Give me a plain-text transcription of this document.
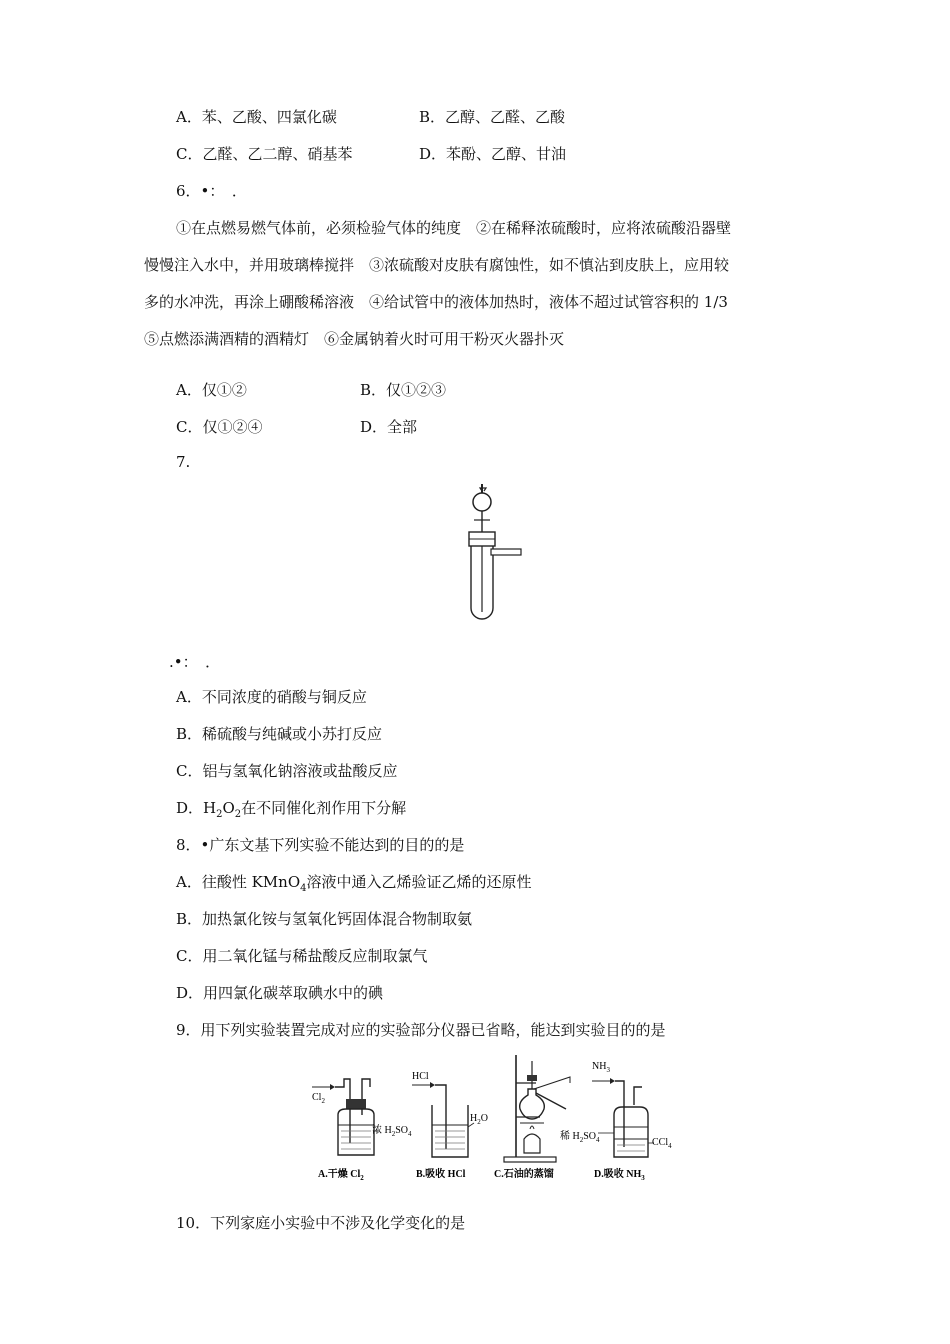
A．苯、乙酸、四氯化碳	B．乙醇、乙醛、乙酸
C．乙醛、乙二醇、硝基苯	D．苯酚、乙醇、甘油
6．•：　．
①在点燃易燃气体前，必须检验气体的纯度　②在稀释浓硫酸时，应将浓硫酸沿器壁
慢慢注入水中，并用玻璃棒搅拌　③浓硫酸对皮肤有腐蚀性，如不慎沾到皮肤上，应用较
多的水冲洗，再涂上硼酸稀溶液　④给试管中的液体加热时，液体不超过试管容积的 1/3
⑤点燃添满酒精的酒精灯　⑥金属钠着火时可用干粉灭火器扑灭
A．仅①②	B．仅①②③
C．仅①②④	D．全部
7.
.•：　．
A．不同浓度的硝酸与铜反应
B．稀硫酸与纯碱或小苏打反应
C．铝与氢氧化钠溶液或盐酸反应
D．$H_2O_2$在不同催化剂作用下分解
8．•广东文基下列实验不能达到的目的的是
A．往酸性 KMnO$_4$溶液中通入乙烯验证乙烯的还原性
B．加热氯化铵与氢氧化钙固体混合物制取氨
C．用二氧化锰与稀盐酸反应制取氯气
D．用四氯化碳萃取碘水中的碘
9．用下列实验装置完成对应的实验部分仪器已省略，能达到实验目的的是
$Cl_2$
浓 $H_2SO_4$
HCl
$H_2O$
$NH_3$
稀 $H_2SO_4$	CCl$_4$
A.干燥 $Cl_2$	B.吸收 HCl	C.石油的蒸馏	D.吸收 $NH_3$
10．下列家庭小实验中不涉及化学变化的是
